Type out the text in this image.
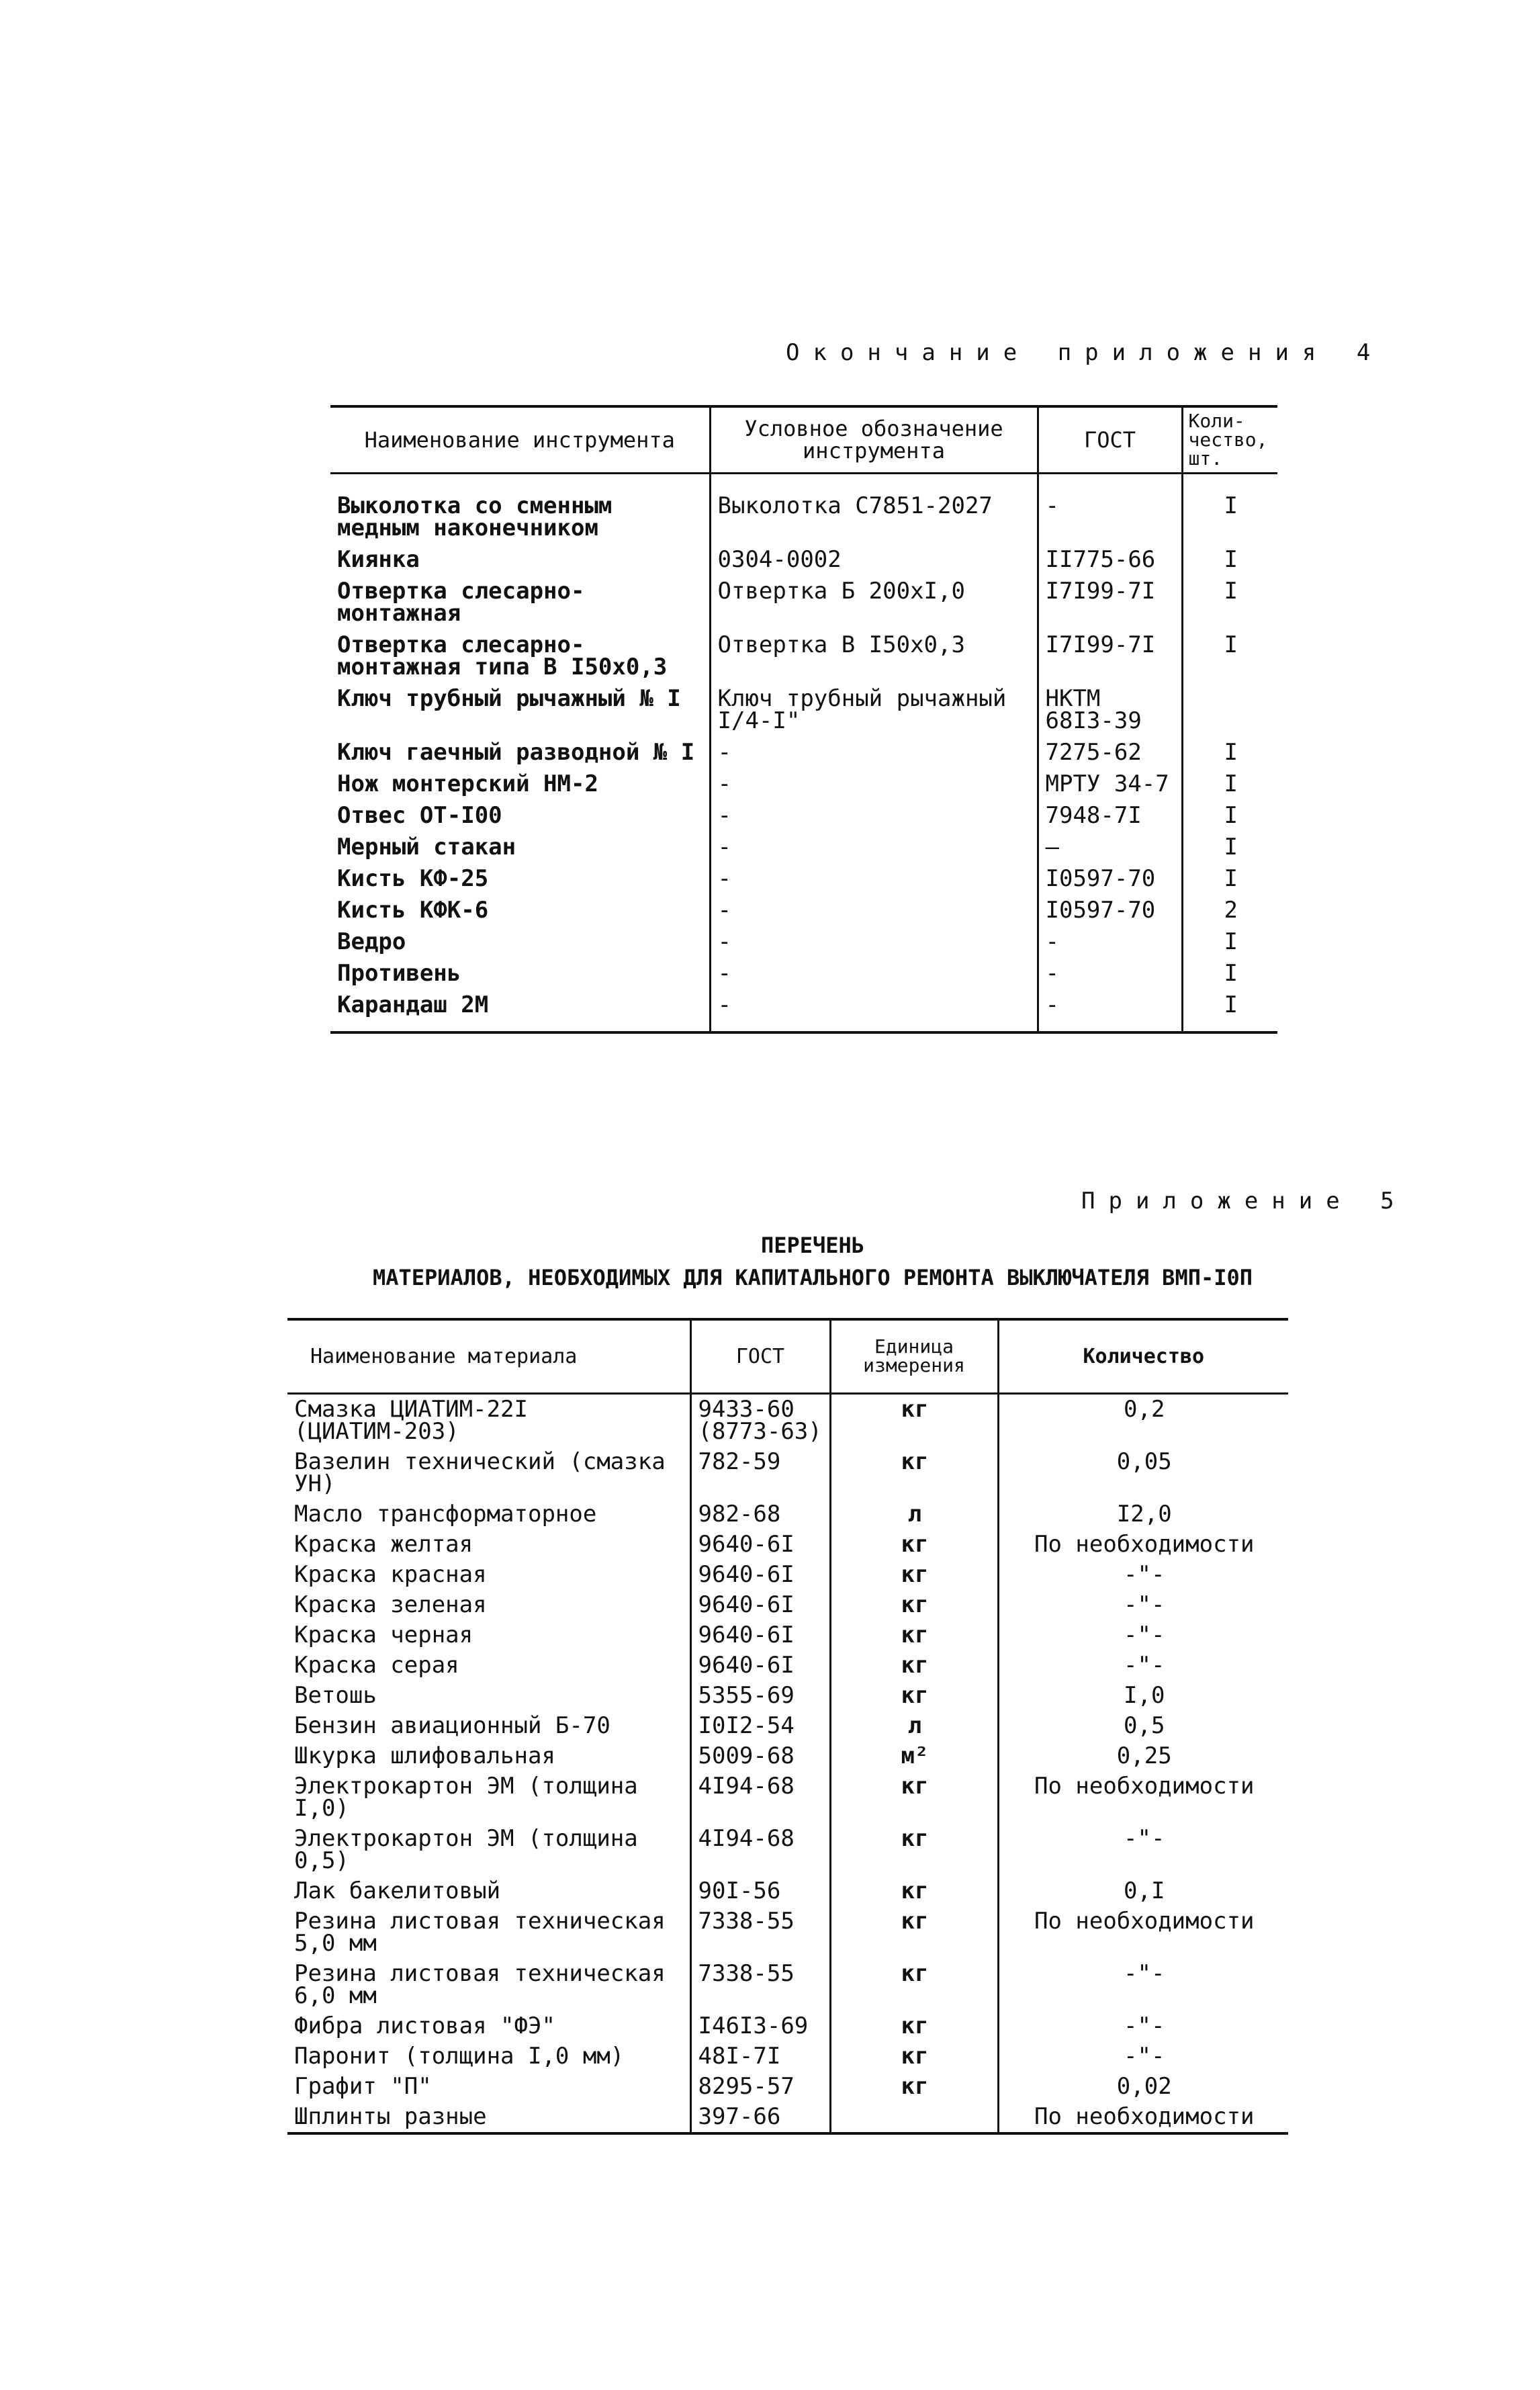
Окончание приложения 4
Наименование инструмента	Условное обозначение инструмента	ГОСТ	Коли-чество, шт.

Выколотка со сменным медным наконечником	Выколотка С7851-2027	-	I
Киянка	0304-0002	II775-66	I
Отвертка слесарно-монтажная	Отвертка Б 200хI,0	I7I99-7I	I
Отвертка слесарно-монтажная типа В I50х0,3	Отвертка В I50х0,3	I7I99-7I	I
Ключ трубный рычажный № I	Ключ трубный рычажный I/4-I"	НКТМ 68I3-39	
Ключ гаечный разводной № I	-	7275-62	I
Нож монтерский НМ-2	-	МРТУ 34-7	I
Отвес ОТ-I00	-	7948-7I	I
Мерный стакан	-	—	I
Кисть КФ-25	-	I0597-70	I
Кисть КФК-6	-	I0597-70	2
Ведро	-	-	I
Противень	-	-	I
Карандаш 2М	-	-	I
Приложение 5
ПЕРЕЧЕНЬ
МАТЕРИАЛОВ, НЕОБХОДИМЫХ ДЛЯ КАПИТАЛЬНОГО РЕМОНТА ВЫКЛЮЧАТЕЛЯ ВМП-I0П
Наименование материала	ГОСТ	Единица измерения	Количество
Смазка ЦИАТИМ-22I (ЦИАТИМ-203)	9433-60 (8773-63)	кг	0,2
Вазелин технический (смазка УН)	782-59	кг	0,05
Масло трансформаторное	982-68	л	I2,0
Краска желтая	9640-6I	кг	По необходимости
Краска красная	9640-6I	кг	-"-
Краска зеленая	9640-6I	кг	-"-
Краска черная	9640-6I	кг	-"-
Краска серая	9640-6I	кг	-"-
Ветошь	5355-69	кг	I,0
Бензин авиационный Б-70	I0I2-54	л	0,5
Шкурка шлифовальная	5009-68	м²	0,25
Электрокартон ЭМ (толщина I,0)	4I94-68	кг	По необходимости
Электрокартон ЭМ (толщина 0,5)	4I94-68	кг	-"-
Лак бакелитовый	90I-56	кг	0,I
Резина листовая техническая 5,0 мм	7338-55	кг	По необходимости
Резина листовая техническая 6,0 мм	7338-55	кг	-"-
Фибра листовая "ФЭ"	I46I3-69	кг	-"-
Паронит (толщина I,0 мм)	48I-7I	кг	-"-
Графит "П"	8295-57	кг	0,02
Шплинты разные	397-66		По необходимости
